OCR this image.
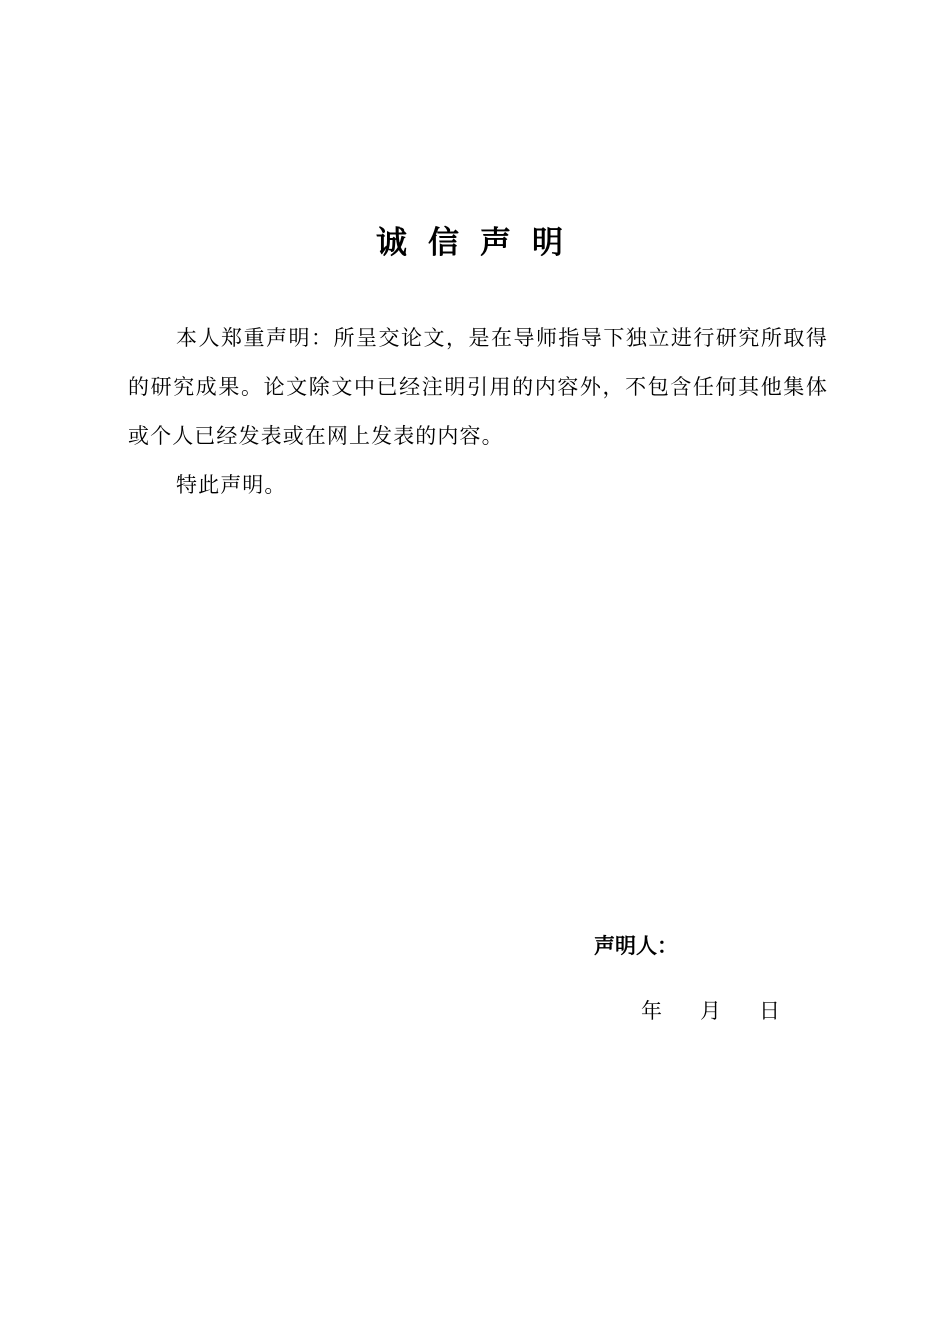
诚信声明

本人郑重声明：所呈交论文，是在导师指导下独立进行研究所取得的研究成果。论文除文中已经注明引用的内容外，不包含任何其他集体或个人已经发表或在网上发表的内容。

特此声明。

声明人：
年 月 日
